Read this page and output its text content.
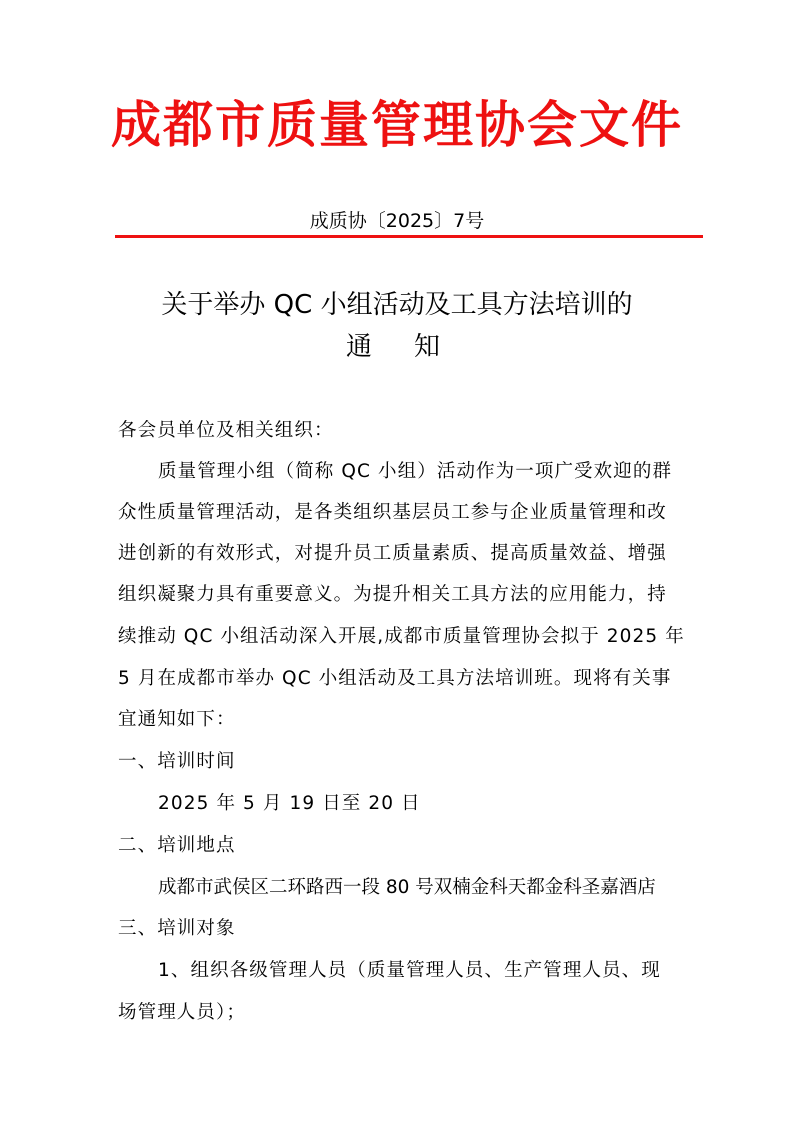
成都市质量管理协会文件
成质协〔2025〕7号
关于举办 QC 小组活动及工具方法培训的
通　知
各会员单位及相关组织：
质量管理小组（简称 QC 小组）活动作为一项广受欢迎的群
众性质量管理活动，是各类组织基层员工参与企业质量管理和改
进创新的有效形式，对提升员工质量素质、提高质量效益、增强
组织凝聚力具有重要意义。为提升相关工具方法的应用能力，持
续推动 QC 小组活动深入开展,成都市质量管理协会拟于 2025 年
5 月在成都市举办 QC 小组活动及工具方法培训班。现将有关事
宜通知如下：
一、培训时间
2025 年 5 月 19 日至 20 日
二、培训地点
成都市武侯区二环路西一段 80 号双楠金科天都金科圣嘉酒店
三、培训对象
1、组织各级管理人员（质量管理人员、生产管理人员、现
场管理人员）；
